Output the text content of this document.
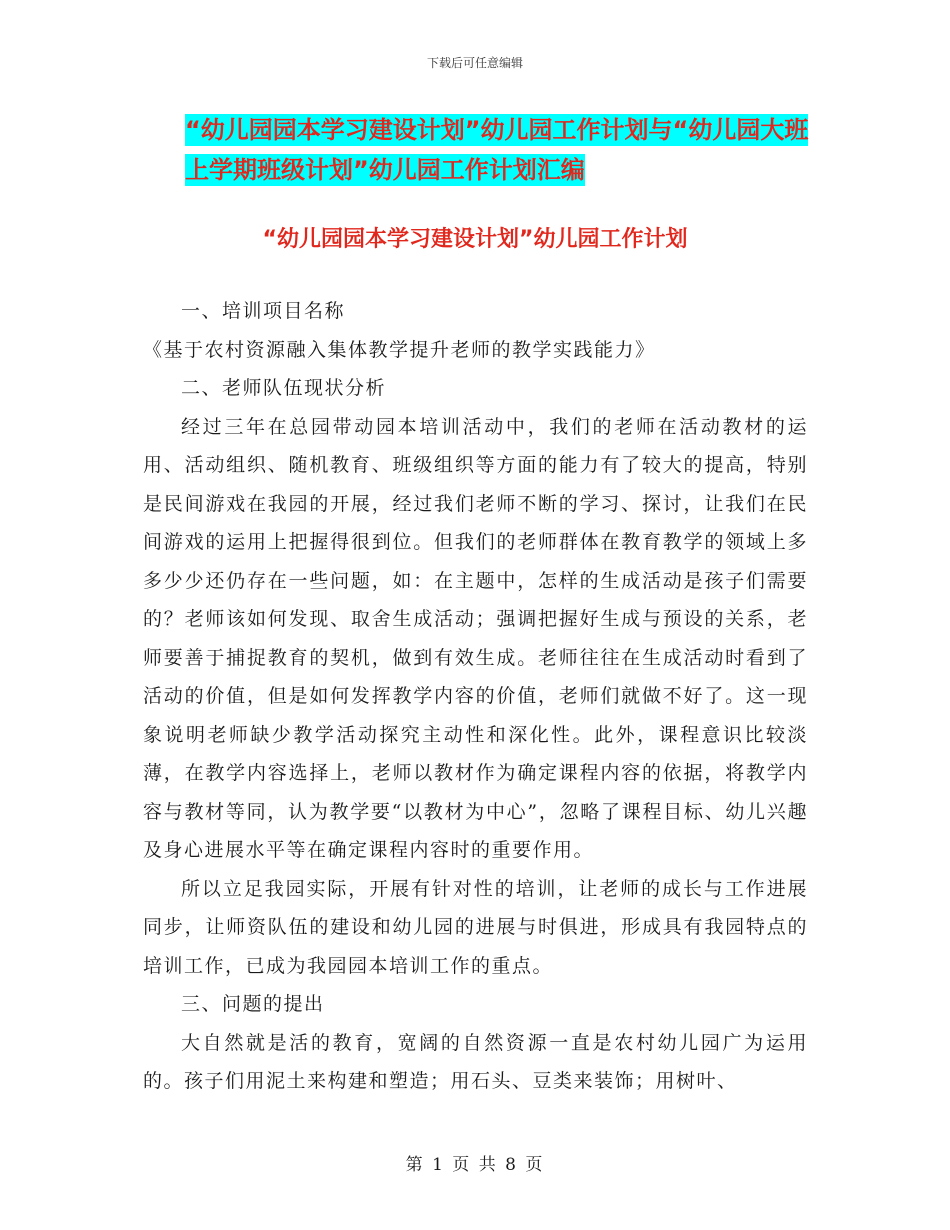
下载后可任意编辑
“幼儿园园本学习建设计划”幼儿园工作计划与“幼儿园大班上学期班级计划”幼儿园工作计划汇编
“幼儿园园本学习建设计划”幼儿园工作计划

一、培训项目名称

《基于农村资源融入集体教学提升老师的教学实践能力》

二、老师队伍现状分析

经过三年在总园带动园本培训活动中，我们的老师在活动教材的运用、活动组织、随机教育、班级组织等方面的能力有了较大的提高，特别是民间游戏在我园的开展，经过我们老师不断的学习、探讨，让我们在民间游戏的运用上把握得很到位。但我们的老师群体在教育教学的领域上多多少少还仍存在一些问题，如：在主题中，怎样的生成活动是孩子们需要的？老师该如何发现、取舍生成活动；强调把握好生成与预设的关系，老师要善于捕捉教育的契机，做到有效生成。老师往往在生成活动时看到了活动的价值，但是如何发挥教学内容的价值，老师们就做不好了。这一现象说明老师缺少教学活动探究主动性和深化性。此外，课程意识比较淡薄，在教学内容选择上，老师以教材作为确定课程内容的依据，将教学内容与教材等同，认为教学要“以教材为中心”，忽略了课程目标、幼儿兴趣及身心进展水平等在确定课程内容时的重要作用。

所以立足我园实际，开展有针对性的培训，让老师的成长与工作进展同步，让师资队伍的建设和幼儿园的进展与时俱进，形成具有我园特点的培训工作，已成为我园园本培训工作的重点。

三、问题的提出

大自然就是活的教育，宽阔的自然资源一直是农村幼儿园广为运用的。孩子们用泥土来构建和塑造；用石头、豆类来装饰；用树叶、

第 1 页 共 8 页
